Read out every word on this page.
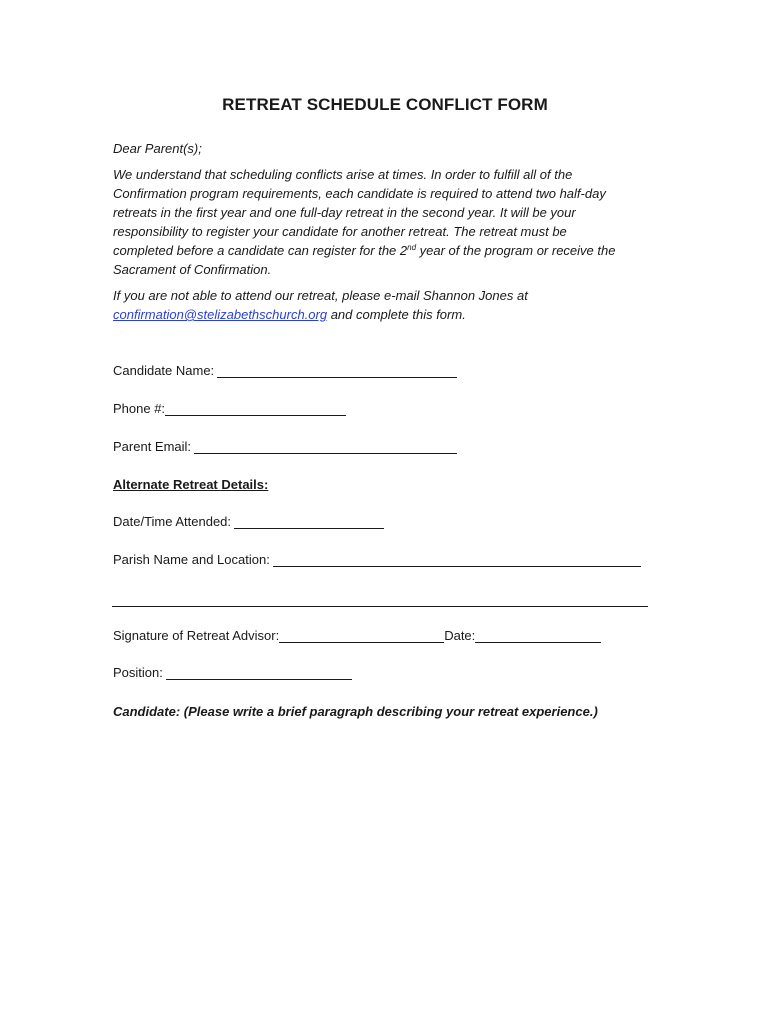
RETREAT SCHEDULE CONFLICT FORM
Dear Parent(s);
We understand that scheduling conflicts arise at times. In order to fulfill all of the
Confirmation program requirements, each candidate is required to attend two half-day
retreats in the first year and one full-day retreat in the second year. It will be your
responsibility to register your candidate for another retreat. The retreat must be
completed before a candidate can register for the 2nd year of the program or receive the
Sacrament of Confirmation.
If you are not able to attend our retreat, please e-mail Shannon Jones at
confirmation@stelizabethschurch.org and complete this form.
Candidate Name:
Phone #:
Parent Email:
Alternate Retreat Details:
Date/Time Attended:
Parish Name and Location:
Signature of Retreat Advisor:	Date:
Position:
Candidate: (Please write a brief paragraph describing your retreat experience.)
